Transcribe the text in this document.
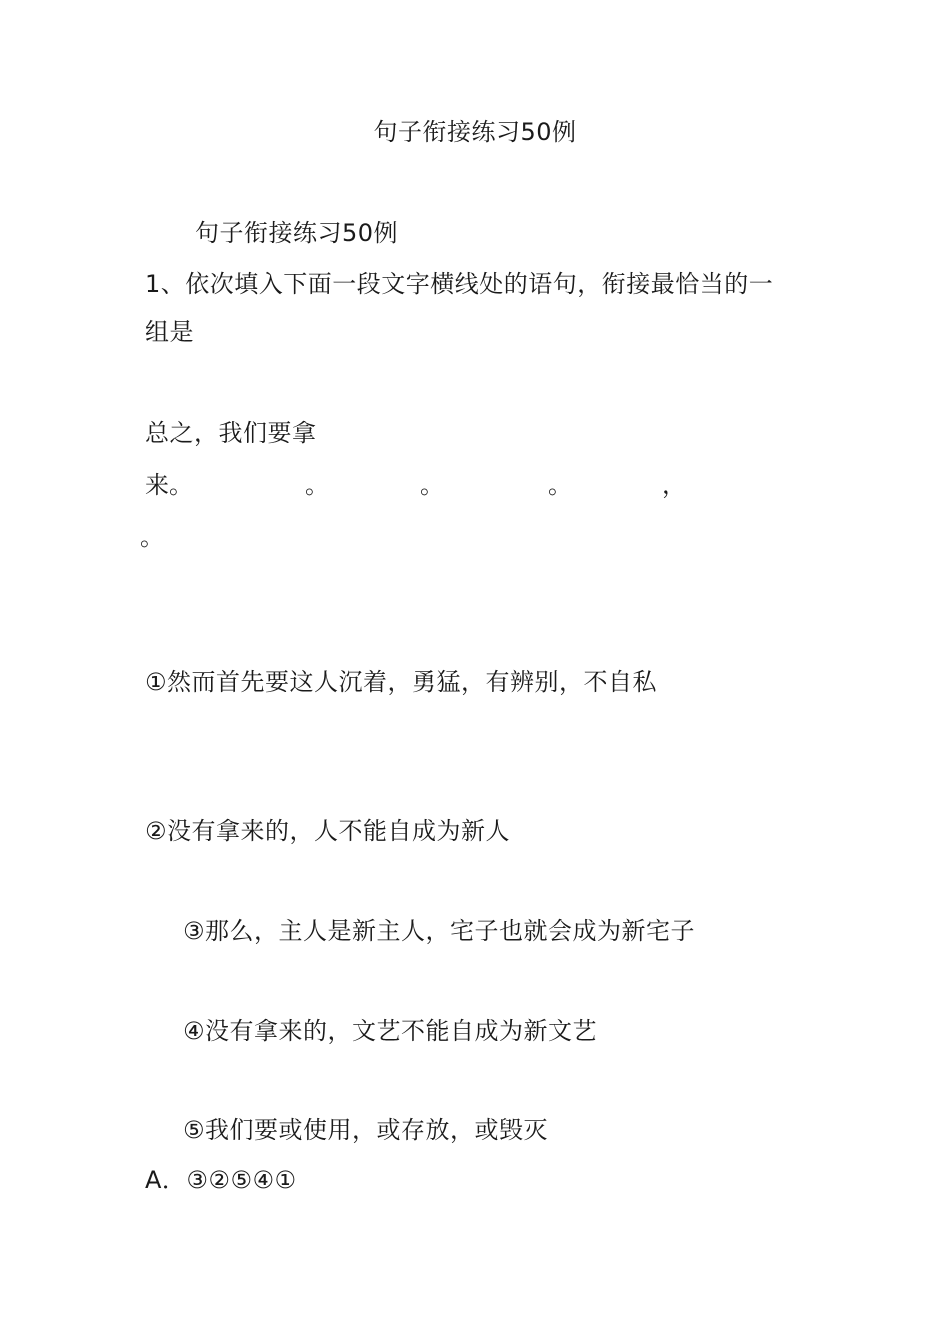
句子衔接练习50例
句子衔接练习50例
1、依次填入下面一段文字横线处的语句，衔接最恰当的一
组是
总之，我们要拿
来。	。	。	。	，
。
①然而首先要这人沉着，勇猛，有辨别，不自私
②没有拿来的，人不能自成为新人
③那么，主人是新主人，宅子也就会成为新宅子
④没有拿来的，文艺不能自成为新文艺
⑤我们要或使用，或存放，或毁灭
A．③②⑤④①
